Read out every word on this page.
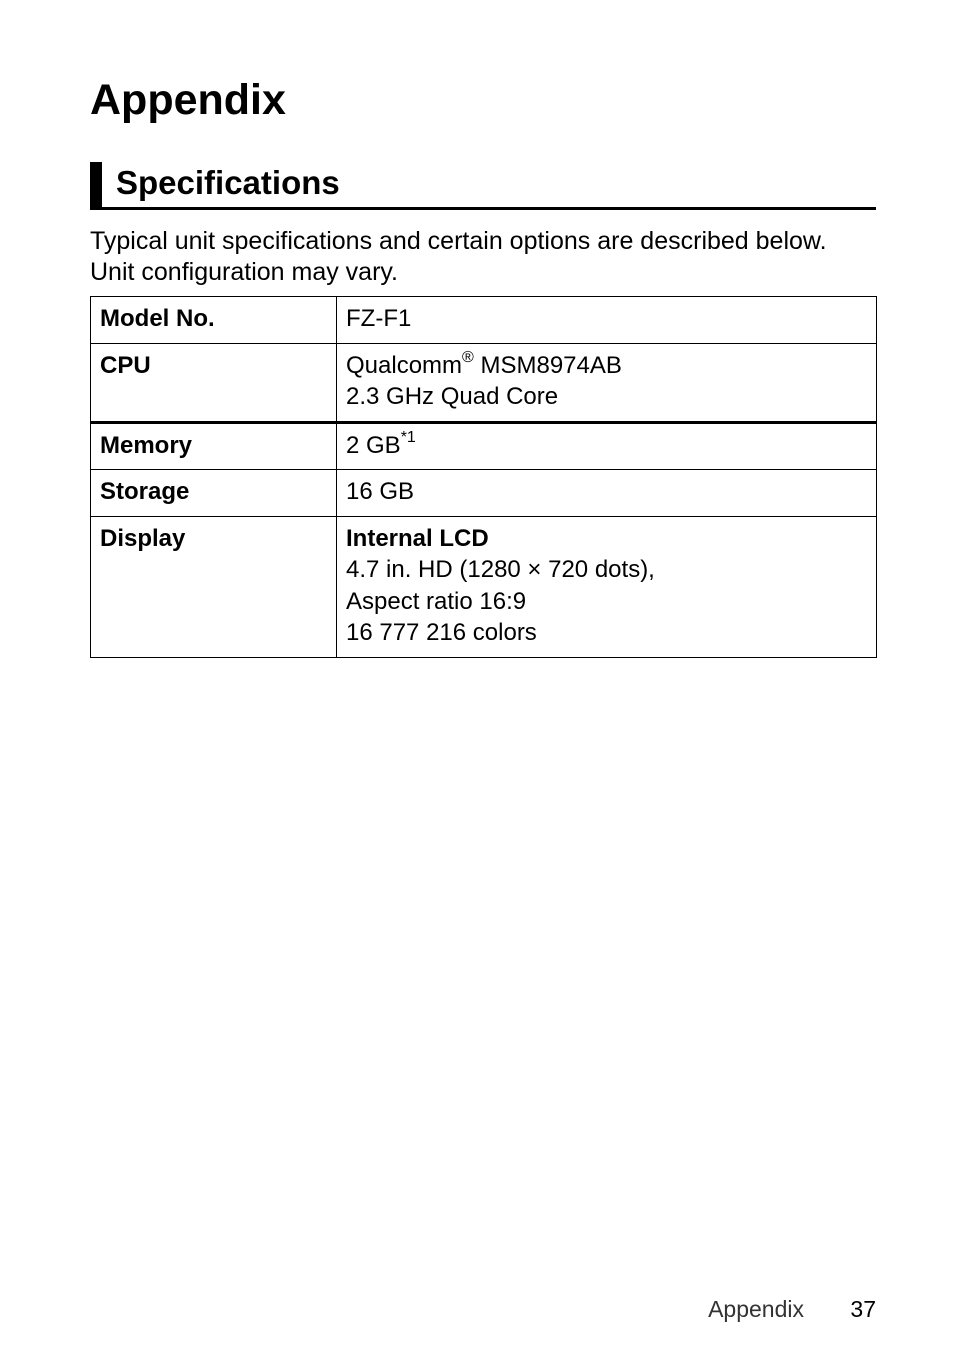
Appendix
Specifications

Typical unit specifications and certain options are described below.

Unit configuration may vary.

Model No.	FZ-F1
CPU	Qualcomm® MSM8974AB
2.3 GHz Quad Core

Memory	2 GB$^{*1}$
Storage	16 GB
Display	Internal LCD
4.7 in. HD (1280 × 720 dots),
Aspect ratio 16:9
16 777 216 colors
Appendix 37
